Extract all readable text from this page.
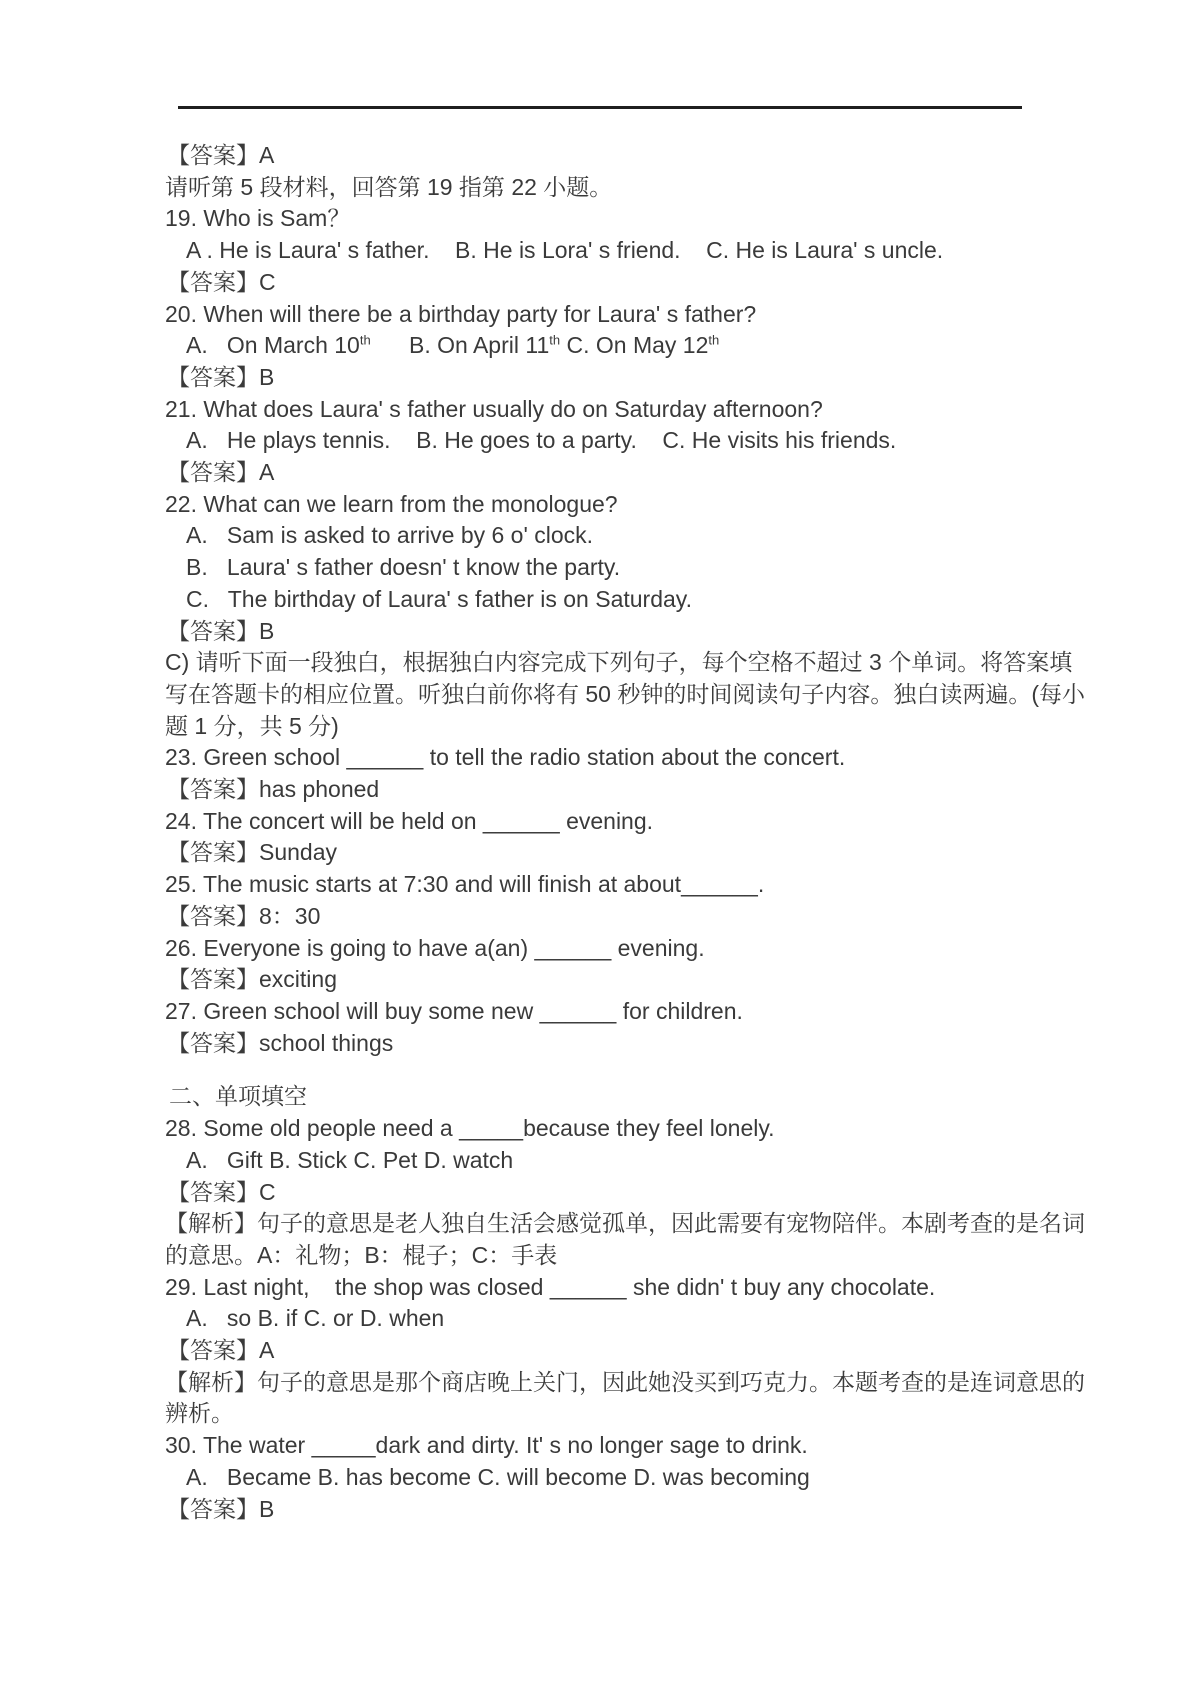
【答案】A

请听第 5 段材料，回答第 19 指第 22 小题。

19. Who is Sam？

A . He is Laura' s father.    B. He is Lora' s friend.    C. He is Laura' s uncle.

【答案】C

20. When will there be a birthday party for Laura' s father?

A.   On March 10th      B. On April 11th C. On May 12th

【答案】B

21. What does Laura' s father usually do on Saturday afternoon?

A.   He plays tennis.    B. He goes to a party.    C. He visits his friends.

【答案】A

22. What can we learn from the monologue?

A.   Sam is asked to arrive by 6 o' clock.

B.   Laura' s father doesn' t know the party.

C.   The birthday of Laura' s father is on Saturday.

【答案】B

C) 请听下面一段独白，根据独白内容完成下列句子，每个空格不超过 3 个单词。将答案填

写在答题卡的相应位置。听独白前你将有 50 秒钟的时间阅读句子内容。独白读两遍。(每小

题 1 分，共 5 分)

23. Green school ______ to tell the radio station about the concert.

【答案】has phoned

24. The concert will be held on ______ evening.

【答案】Sunday

25. The music starts at 7:30 and will finish at about______.

【答案】8：30

26. Everyone is going to have a(an) ______ evening.

【答案】exciting

27. Green school will buy some new ______ for children.

【答案】school things

二、单项填空

28. Some old people need a _____because they feel lonely.

A.   Gift B. Stick C. Pet D. watch

【答案】C

【解析】句子的意思是老人独自生活会感觉孤单，因此需要有宠物陪伴。本剧考查的是名词

的意思。A：礼物；B：棍子；C：手表

29. Last night,    the shop was closed ______ she didn' t buy any chocolate.

A.   so B. if C. or D. when

【答案】A

【解析】句子的意思是那个商店晚上关门，因此她没买到巧克力。本题考查的是连词意思的

辨析。

30. The water _____dark and dirty. It' s no longer sage to drink.

A.   Became B. has become C. will become D. was becoming

【答案】B
